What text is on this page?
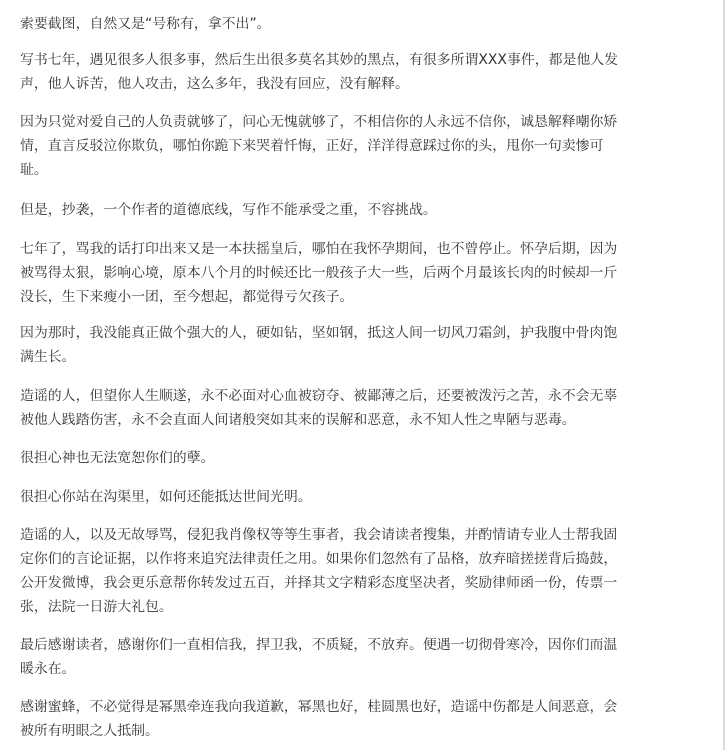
索要截图，自然又是“号称有，拿不出”。

写书七年，遇见很多人很多事，然后生出很多莫名其妙的黑点，有很多所谓XXX事件，都是他人发
声，他人诉苦，他人攻击，这么多年，我没有回应，没有解释。

因为只觉对爱自己的人负责就够了，问心无愧就够了，不相信你的人永远不信你，诚恳解释嘲你矫
情，直言反驳泣你欺负，哪怕你跪下来哭着忏悔，正好，洋洋得意踩过你的头，甩你一句卖惨可
耻。

但是，抄袭，一个作者的道德底线，写作不能承受之重，不容挑战。

七年了，骂我的话打印出来又是一本扶摇皇后，哪怕在我怀孕期间，也不曾停止。怀孕后期，因为
被骂得太狠，影响心境，原本八个月的时候还比一般孩子大一些，后两个月最该长肉的时候却一斤
没长，生下来瘦小一团，至今想起，都觉得亏欠孩子。

因为那时，我没能真正做个强大的人，硬如钻，坚如钢，抵这人间一切风刀霜剑，护我腹中骨肉饱
满生长。

造谣的人，但望你人生顺遂，永不必面对心血被窃夺、被鄙薄之后，还要被泼污之苦，永不会无辜
被他人践踏伤害，永不会直面人间诸般突如其来的误解和恶意，永不知人性之卑陋与恶毒。

很担心神也无法宽恕你们的孽。

很担心你站在沟渠里，如何还能抵达世间光明。

造谣的人，以及无故辱骂，侵犯我肖像权等等生事者，我会请读者搜集，并酌情请专业人士帮我固
定你们的言论证据，以作将来追究法律责任之用。如果你们忽然有了品格，放弃暗搓搓背后捣鼓，
公开发微博，我会更乐意帮你转发过五百，并择其文字精彩态度坚决者，奖励律师函一份，传票一
张，法院一日游大礼包。

最后感谢读者，感谢你们一直相信我，捍卫我，不质疑，不放弃。便遇一切彻骨寒冷，因你们而温
暖永在。

感谢蜜蜂，不必觉得是幂黑牵连我向我道歉，幂黑也好，桂圆黑也好，造谣中伤都是人间恶意，会
被所有明眼之人抵制。
